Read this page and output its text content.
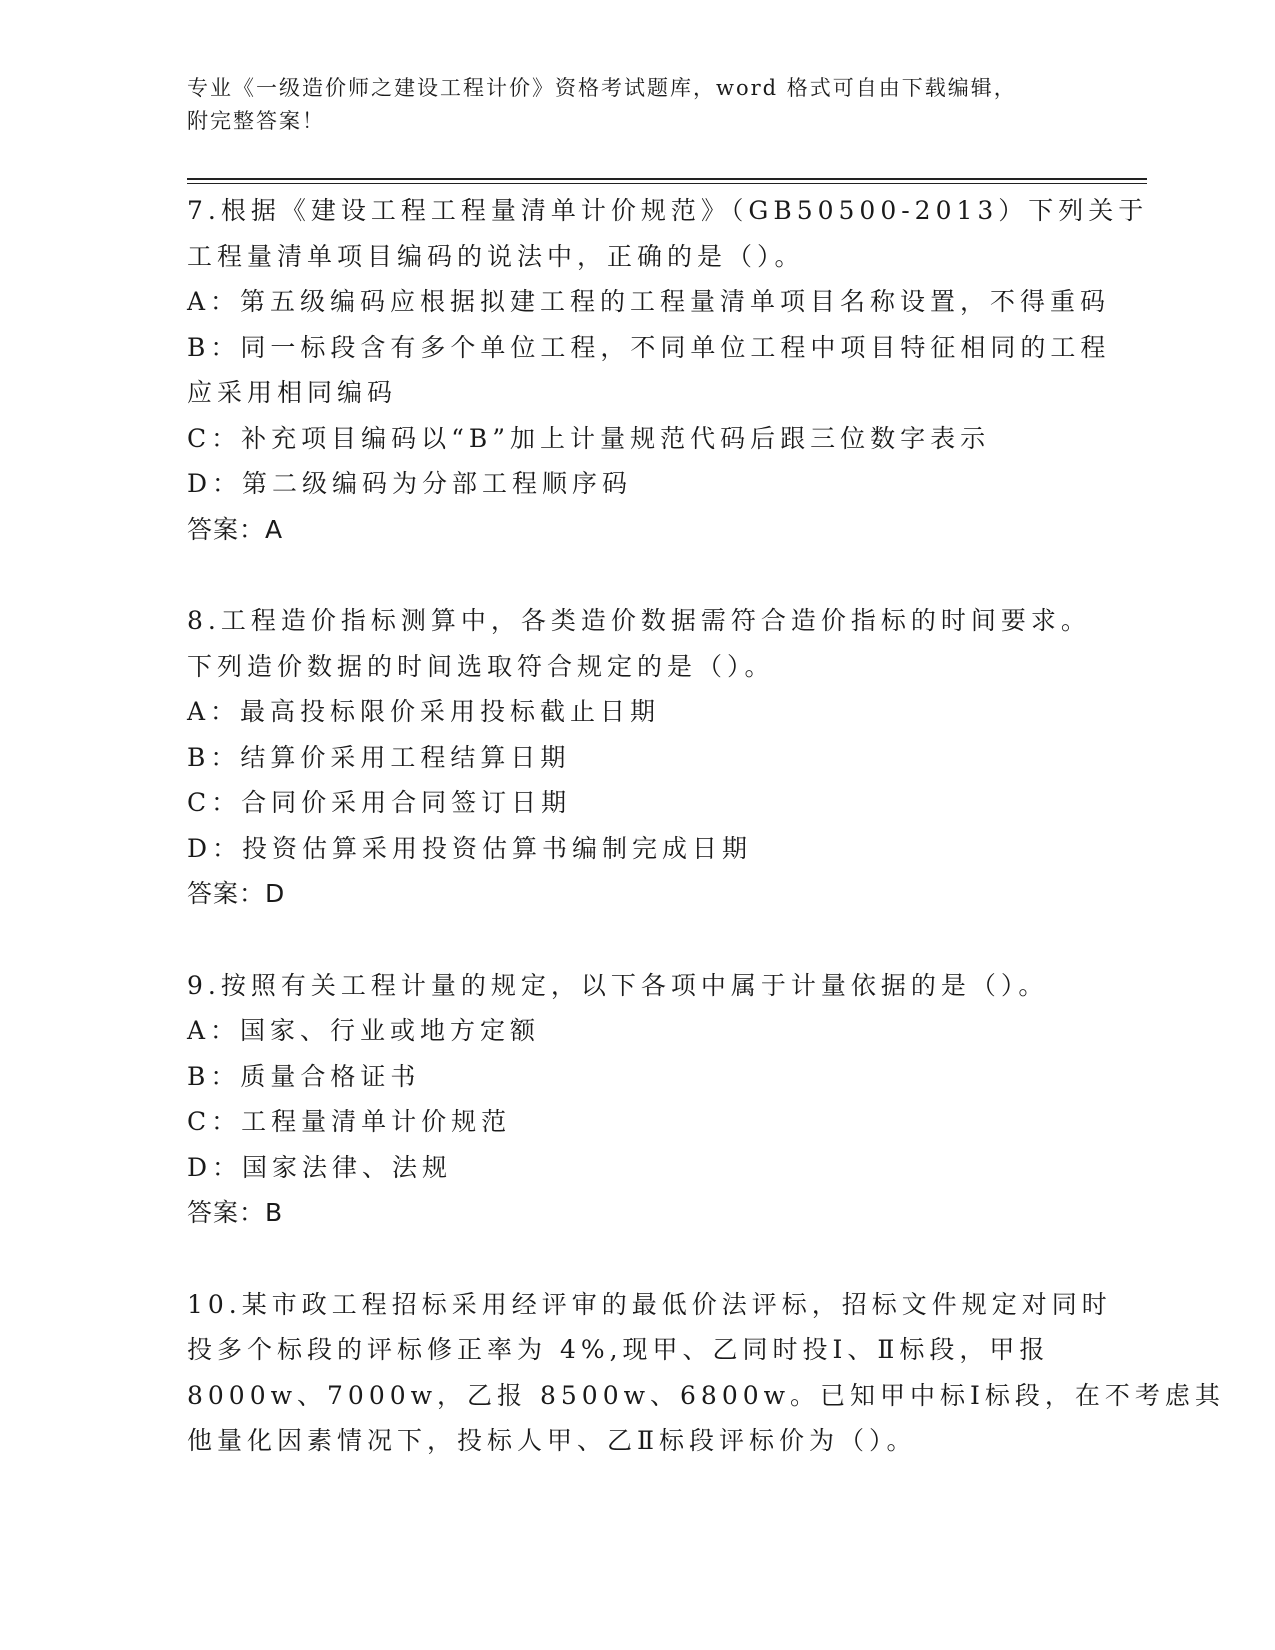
专业《一级造价师之建设工程计价》资格考试题库，word 格式可自由下载编辑，
附完整答案！
7.根据《建设工程工程量清单计价规范》（GB50500-2013）下列关于
工程量清单项目编码的说法中，正确的是（）。
A：第五级编码应根据拟建工程的工程量清单项目名称设置，不得重码
B：同一标段含有多个单位工程，不同单位工程中项目特征相同的工程
应采用相同编码
C：补充项目编码以“B”加上计量规范代码后跟三位数字表示
D：第二级编码为分部工程顺序码
答案：A
8.工程造价指标测算中，各类造价数据需符合造价指标的时间要求。
下列造价数据的时间选取符合规定的是（）。
A：最高投标限价采用投标截止日期
B：结算价采用工程结算日期
C：合同价采用合同签订日期
D：投资估算采用投资估算书编制完成日期
答案：D
9.按照有关工程计量的规定，以下各项中属于计量依据的是（）。
A：国家、行业或地方定额
B：质量合格证书
C：工程量清单计价规范
D：国家法律、法规
答案：B
10.某市政工程招标采用经评审的最低价法评标，招标文件规定对同时
投多个标段的评标修正率为 4%,现甲、乙同时投Ⅰ、Ⅱ标段，甲报
8000w、7000w，乙报 8500w、6800w。已知甲中标Ⅰ标段，在不考虑其
他量化因素情况下，投标人甲、乙Ⅱ标段评标价为（）。
